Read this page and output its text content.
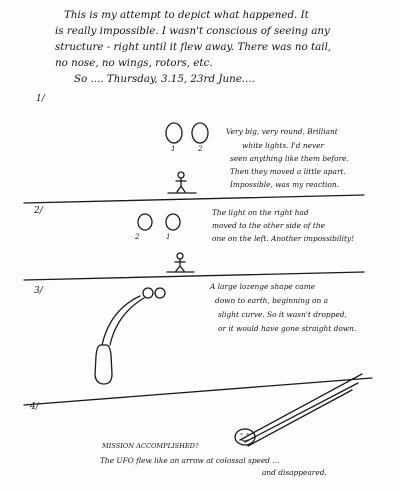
This is my attempt to depict what happened. It
is really impossible. I wasn't conscious of seeing any
structure - right until it flew away. There was no tail,
no nose, no wings, rotors, etc.
So .... Thursday, 3.15, 23rd June....
1/
1	2
Very big, very round, Brilliant
white lights. I'd never
seen anything like them before.
Then they moved a little apart.
Impossible, was my reaction.
2/
2	1
The light on the right had
moved to the other side of the
one on the left. Another impossibility!
3/	A large lozenge shape came
down to earth, beginning on a
slight curve. So it wasn't dropped,
or it would have gone straight down.
4/
MISSION ACCOMPLISHED?
The UFO flew like an arrow at colossal speed ...
and disappeared.
